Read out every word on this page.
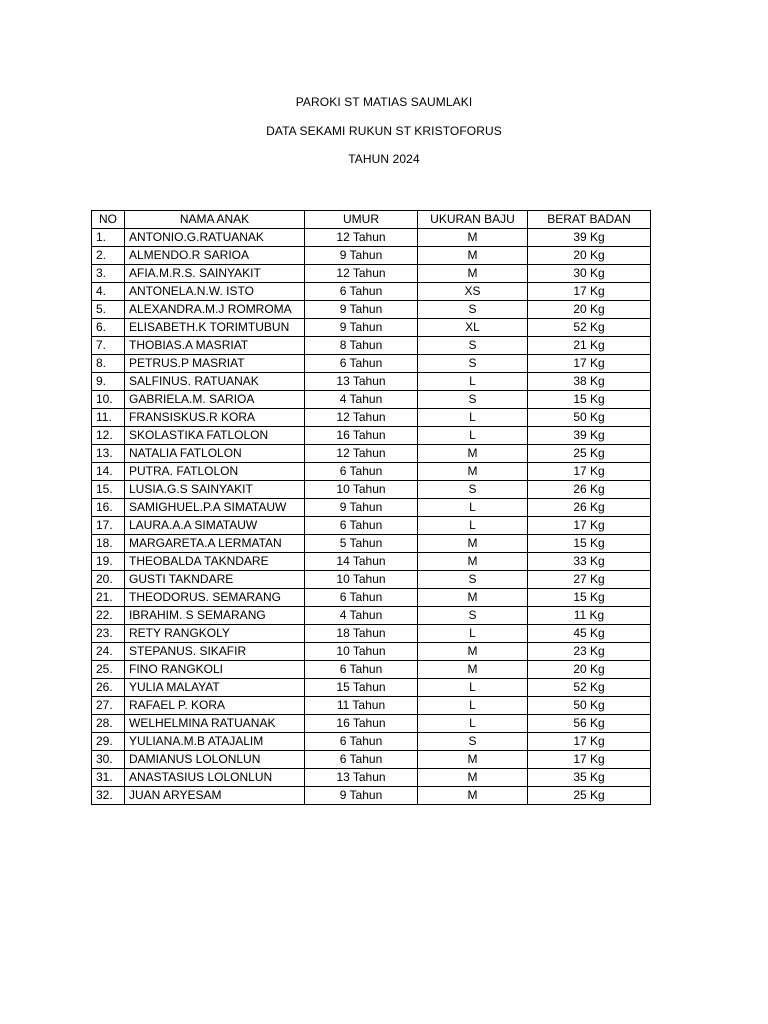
PAROKI ST MATIAS SAUMLAKI
DATA SEKAMI RUKUN ST KRISTOFORUS
TAHUN 2024
NO	NAMA ANAK	UMUR	UKURAN BAJU	BERAT BADAN
1.	ANTONIO.G.RATUANAK	12 Tahun	M	39 Kg
2.	ALMENDO.R SARIOA	9 Tahun	M	20 Kg
3.	AFIA.M.R.S. SAINYAKIT	12 Tahun	M	30 Kg
4.	ANTONELA.N.W. ISTO	6 Tahun	XS	17 Kg
5.	ALEXANDRA.M.J ROMROMA	9 Tahun	S	20 Kg
6.	ELISABETH.K TORIMTUBUN	9 Tahun	XL	52 Kg
7.	THOBIAS.A MASRIAT	8 Tahun	S	21 Kg
8.	PETRUS.P MASRIAT	6 Tahun	S	17 Kg
9.	SALFINUS. RATUANAK	13 Tahun	L	38 Kg
10.	GABRIELA.M. SARIOA	4 Tahun	S	15 Kg
11.	FRANSISKUS.R KORA	12 Tahun	L	50 Kg
12.	SKOLASTIKA FATLOLON	16 Tahun	L	39 Kg
13.	NATALIA FATLOLON	12 Tahun	M	25 Kg
14.	PUTRA. FATLOLON	6 Tahun	M	17 Kg
15.	LUSIA.G.S SAINYAKIT	10 Tahun	S	26 Kg
16.	SAMIGHUEL.P.A SIMATAUW	9 Tahun	L	26 Kg
17.	LAURA.A.A SIMATAUW	6 Tahun	L	17 Kg
18.	MARGARETA.A LERMATAN	5 Tahun	M	15 Kg
19.	THEOBALDA TAKNDARE	14 Tahun	M	33 Kg
20.	GUSTI TAKNDARE	10 Tahun	S	27 Kg
21.	THEODORUS. SEMARANG	6 Tahun	M	15 Kg
22.	IBRAHIM. S SEMARANG	4 Tahun	S	11 Kg
23.	RETY RANGKOLY	18 Tahun	L	45 Kg
24.	STEPANUS. SIKAFIR	10 Tahun	M	23 Kg
25.	FINO RANGKOLI	6 Tahun	M	20 Kg
26.	YULIA MALAYAT	15 Tahun	L	52 Kg
27.	RAFAEL P. KORA	11 Tahun	L	50 Kg
28.	WELHELMINA RATUANAK	16 Tahun	L	56 Kg
29.	YULIANA.M.B ATAJALIM	6 Tahun	S	17 Kg
30.	DAMIANUS LOLONLUN	6 Tahun	M	17 Kg
31.	ANASTASIUS LOLONLUN	13 Tahun	M	35 Kg
32.	JUAN ARYESAM	9 Tahun	M	25 Kg
